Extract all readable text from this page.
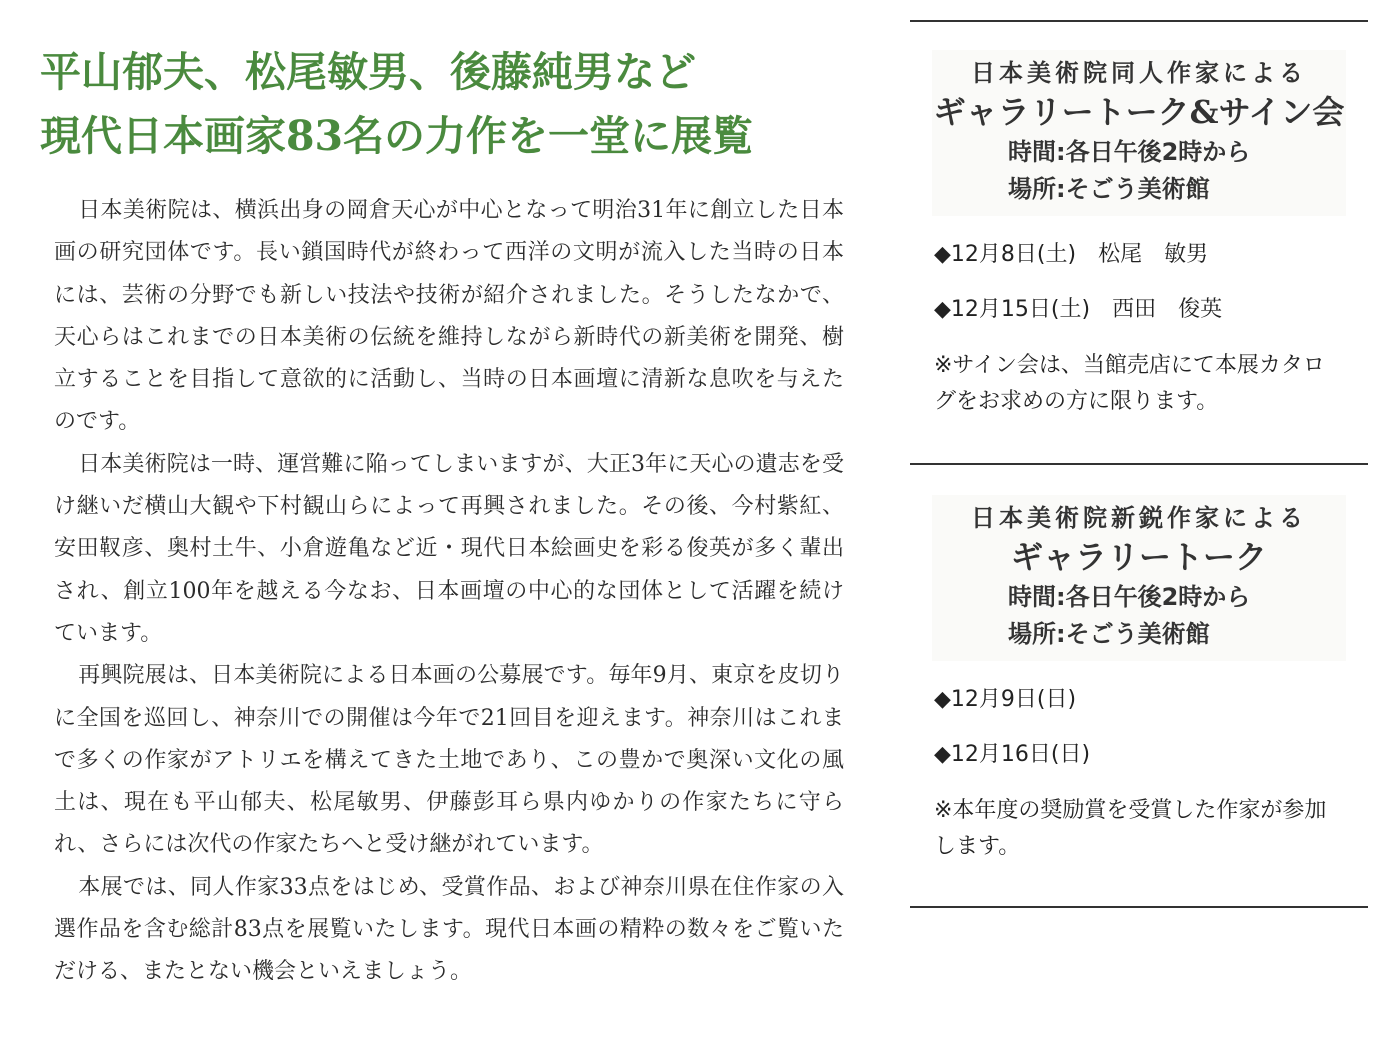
平山郁夫、松尾敏男、後藤純男など
現代日本画家83名の力作を一堂に展覧

日本美術院は、横浜出身の岡倉天心が中心となって明治31年に創立した日本画の研究団体です。長い鎖国時代が終わって西洋の文明が流入した当時の日本には、芸術の分野でも新しい技法や技術が紹介されました。そうしたなかで、天心らはこれまでの日本美術の伝統を維持しながら新時代の新美術を開発、樹立することを目指して意欲的に活動し、当時の日本画壇に清新な息吹を与えたのです。

日本美術院は一時、運営難に陥ってしまいますが、大正3年に天心の遺志を受け継いだ横山大観や下村観山らによって再興されました。その後、今村紫紅、安田靫彦、奥村土牛、小倉遊亀など近・現代日本絵画史を彩る俊英が多く輩出され、創立100年を越える今なお、日本画壇の中心的な団体として活躍を続けています。

再興院展は、日本美術院による日本画の公募展です。毎年9月、東京を皮切りに全国を巡回し、神奈川での開催は今年で21回目を迎えます。神奈川はこれまで多くの作家がアトリエを構えてきた土地であり、この豊かで奥深い文化の風土は、現在も平山郁夫、松尾敏男、伊藤彭耳ら県内ゆかりの作家たちに守られ、さらには次代の作家たちへと受け継がれています。

本展では、同人作家33点をはじめ、受賞作品、および神奈川県在住作家の入選作品を含む総計83点を展覧いたします。現代日本画の精粋の数々をご覧いただける、またとない機会といえましょう。

日本美術院同人作家による
ギャラリートーク&サイン会
時間:各日午後2時から
場所:そごう美術館
◆12月8日(土) 松尾　敏男
◆12月15日(土) 西田　俊英
※サイン会は、当館売店にて本展カタログをお求めの方に限ります。
日本美術院新鋭作家による
ギャラリートーク
時間:各日午後2時から
場所:そごう美術館
◆12月9日(日)
◆12月16日(日)
※本年度の奨励賞を受賞した作家が参加します。
